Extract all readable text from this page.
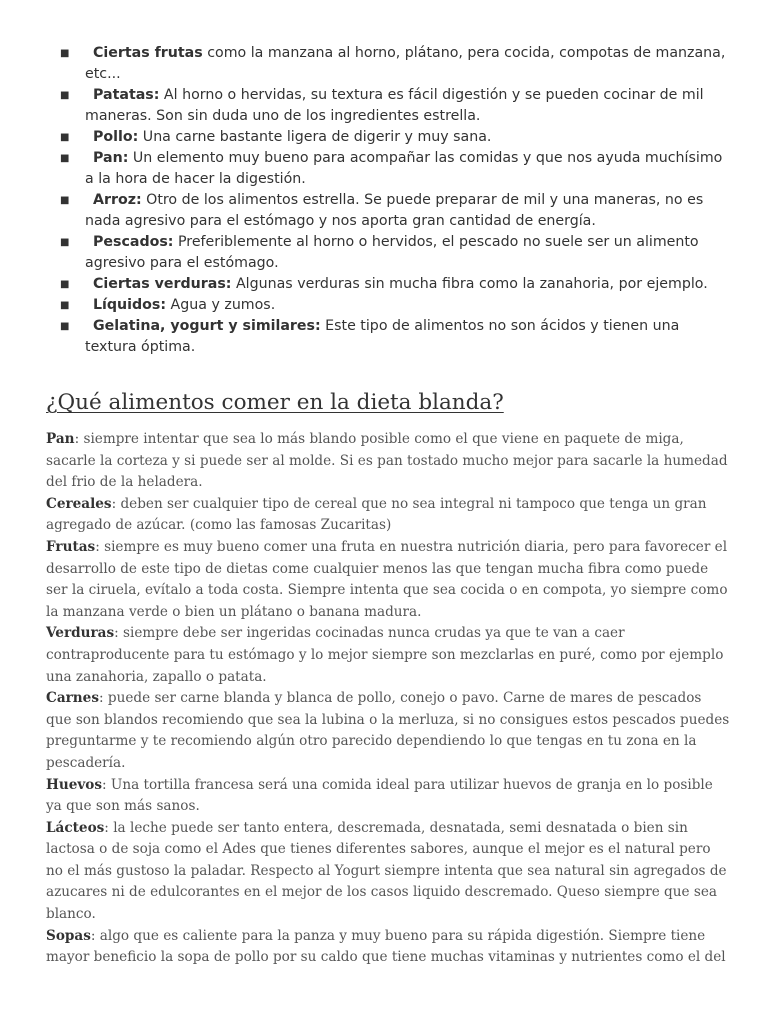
■ Ciertas frutas como la manzana al horno, plátano, pera cocida, compotas de manzana, etc...
■ Patatas: Al horno o hervidas, su textura es fácil digestión y se pueden cocinar de mil maneras. Son sin duda uno de los ingredientes estrella.
■ Pollo: Una carne bastante ligera de digerir y muy sana.
■ Pan: Un elemento muy bueno para acompañar las comidas y que nos ayuda muchísimo a la hora de hacer la digestión.
■ Arroz: Otro de los alimentos estrella. Se puede preparar de mil y una maneras, no es nada agresivo para el estómago y nos aporta gran cantidad de energía.
■ Pescados: Preferiblemente al horno o hervidos, el pescado no suele ser un alimento agresivo para el estómago.
■ Ciertas verduras: Algunas verduras sin mucha fibra como la zanahoria, por ejemplo.
■ Líquidos: Agua y zumos.
■ Gelatina, yogurt y similares: Este tipo de alimentos no son ácidos y tienen una textura óptima.
¿Qué alimentos comer en la dieta blanda?

Pan: siempre intentar que sea lo más blando posible como el que viene en paquete de miga, sacarle la corteza y si puede ser al molde. Si es pan tostado mucho mejor para sacarle la humedad del frio de la heladera.

Cereales: deben ser cualquier tipo de cereal que no sea integral ni tampoco que tenga un gran agregado de azúcar. (como las famosas Zucaritas)

Frutas: siempre es muy bueno comer una fruta en nuestra nutrición diaria, pero para favorecer el desarrollo de este tipo de dietas come cualquier menos las que tengan mucha fibra como puede ser la ciruela, evítalo a toda costa. Siempre intenta que sea cocida o en compota, yo siempre como la manzana verde o bien un plátano o banana madura.

Verduras: siempre debe ser ingeridas cocinadas nunca crudas ya que te van a caer contraproducente para tu estómago y lo mejor siempre son mezclarlas en puré, como por ejemplo una zanahoria, zapallo o patata.

Carnes: puede ser carne blanda y blanca de pollo, conejo o pavo. Carne de mares de pescados que son blandos recomiendo que sea la lubina o la merluza, si no consigues estos pescados puedes preguntarme y te recomiendo algún otro parecido dependiendo lo que tengas en tu zona en la pescadería.

Huevos: Una tortilla francesa será una comida ideal para utilizar huevos de granja en lo posible ya que son más sanos.

Lácteos: la leche puede ser tanto entera, descremada, desnatada, semi desnatada o bien sin lactosa o de soja como el Ades que tienes diferentes sabores, aunque el mejor es el natural pero no el más gustoso la paladar. Respecto al Yogurt siempre intenta que sea natural sin agregados de azucares ni de edulcorantes en el mejor de los casos liquido descremado. Queso siempre que sea blanco.

Sopas: algo que es caliente para la panza y muy bueno para su rápida digestión. Siempre tiene mayor beneficio la sopa de pollo por su caldo que tiene muchas vitaminas y nutrientes como el del
